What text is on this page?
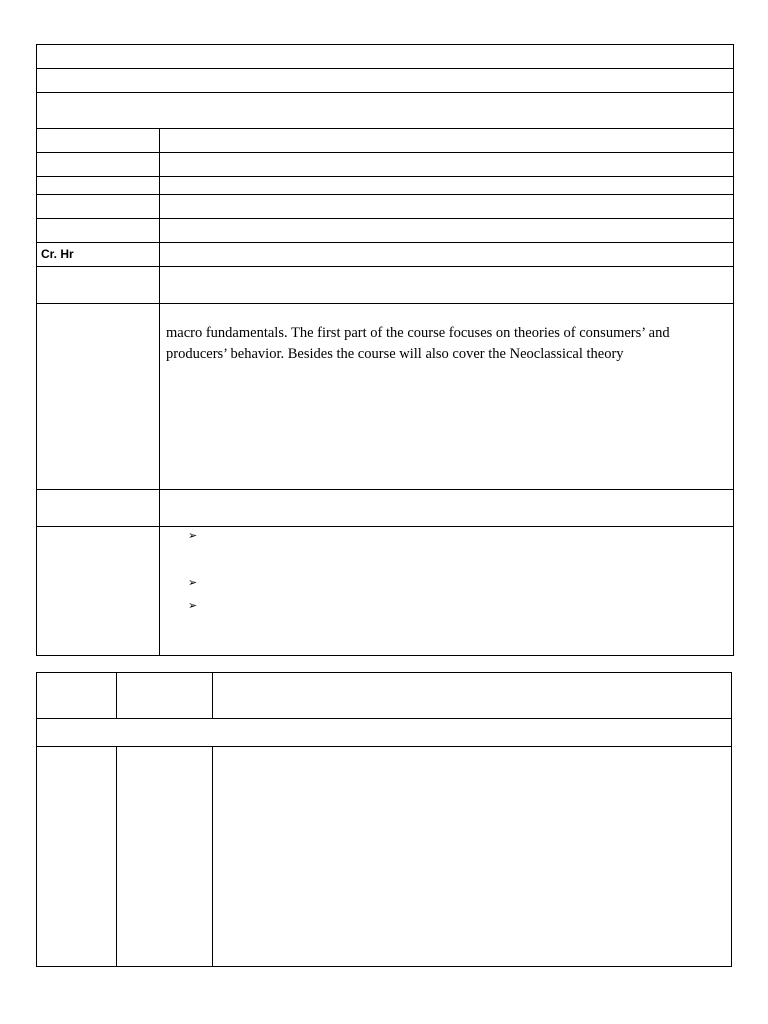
Cr. Hr
macro fundamentals. The first part of the course focuses on theories of consumers’ and
producers’ behavior. Besides the course will also cover the Neoclassical theory
➢
➢
➢
